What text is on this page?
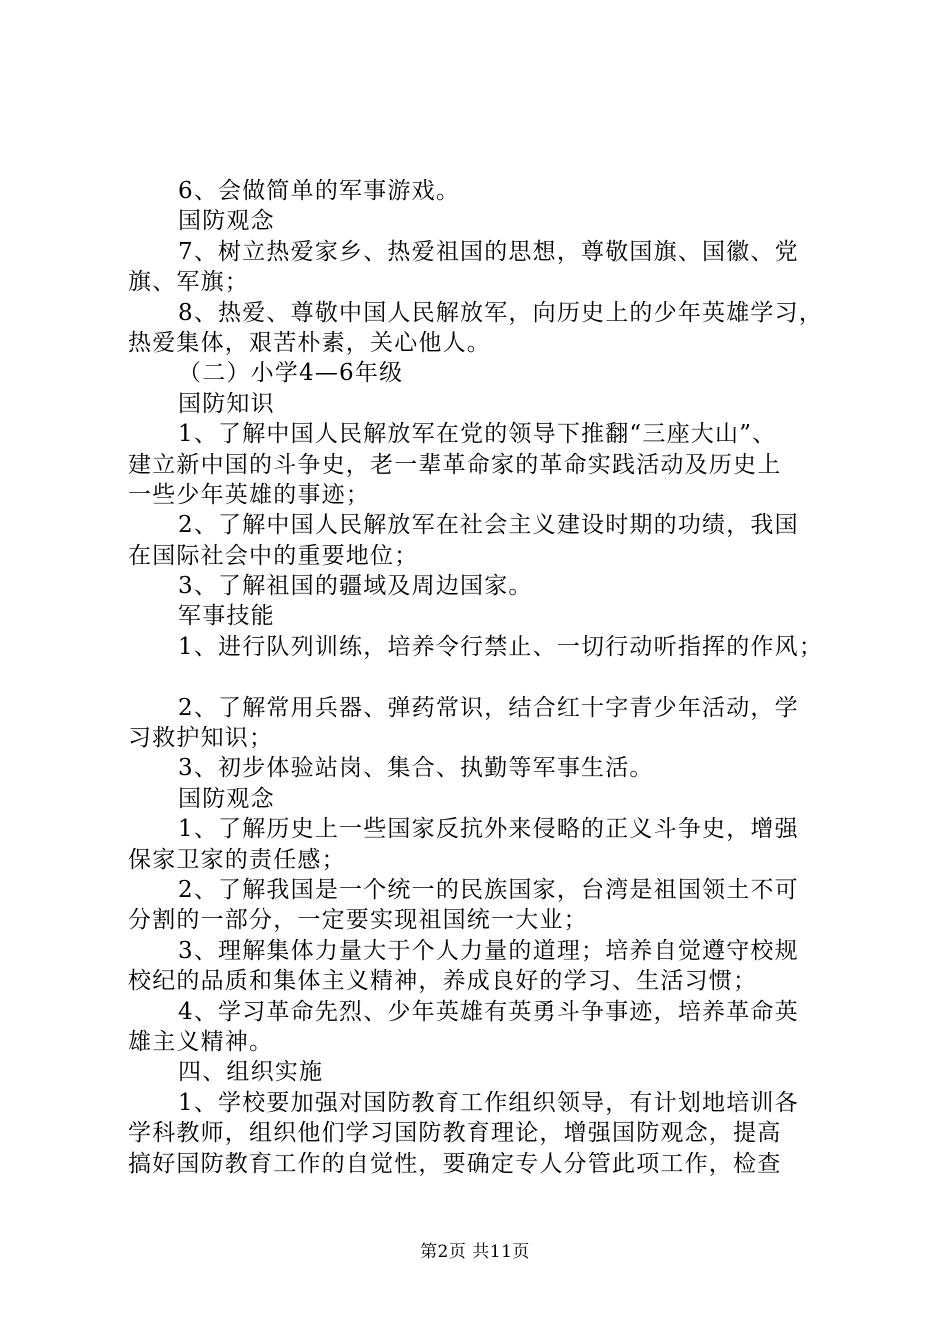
6、会做简单的军事游戏。
国防观念
7、树立热爱家乡、热爱祖国的思想，尊敬国旗、国徽、党
旗、军旗；
8、热爱、尊敬中国人民解放军，向历史上的少年英雄学习，
热爱集体，艰苦朴素，关心他人。
（二）小学4—6年级
国防知识
1、了解中国人民解放军在党的领导下推翻“三座大山”、
建立新中国的斗争史，老一辈革命家的革命实践活动及历史上
一些少年英雄的事迹；
2、了解中国人民解放军在社会主义建设时期的功绩，我国
在国际社会中的重要地位；
3、了解祖国的疆域及周边国家。
军事技能
1、进行队列训练，培养令行禁止、一切行动听指挥的作风；
2、了解常用兵器、弹药常识，结合红十字青少年活动，学
习救护知识；
3、初步体验站岗、集合、执勤等军事生活。
国防观念
1、了解历史上一些国家反抗外来侵略的正义斗争史，增强
保家卫家的责任感；
2、了解我国是一个统一的民族国家，台湾是祖国领土不可
分割的一部分，一定要实现祖国统一大业；
3、理解集体力量大于个人力量的道理；培养自觉遵守校规
校纪的品质和集体主义精神，养成良好的学习、生活习惯；
4、学习革命先烈、少年英雄有英勇斗争事迹，培养革命英
雄主义精神。
四、组织实施
1、学校要加强对国防教育工作组织领导，有计划地培训各
学科教师，组织他们学习国防教育理论，增强国防观念，提高
搞好国防教育工作的自觉性，要确定专人分管此项工作，检查
第2页 共11页
